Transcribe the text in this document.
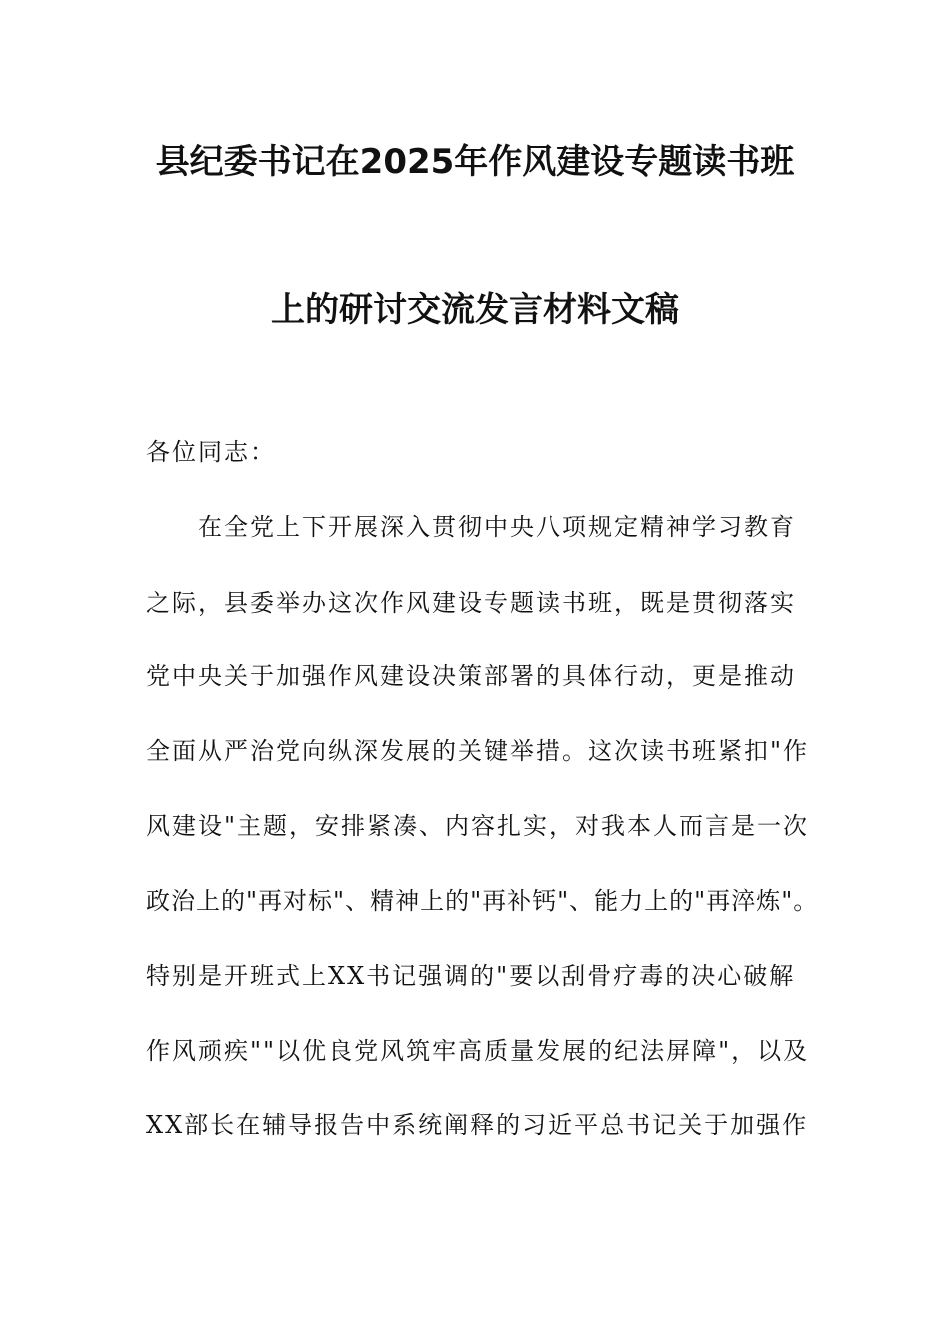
县纪委书记在2025年作风建设专题读书班
上的研讨交流发言材料文稿
各位同志：
在全党上下开展深入贯彻中央八项规定精神学习教育
之际，县委举办这次作风建设专题读书班，既是贯彻落实
党中央关于加强作风建设决策部署的具体行动，更是推动
全面从严治党向纵深发展的关键举措。这次读书班紧扣"作
风建设"主题，安排紧凑、内容扎实，对我本人而言是一次
政治上的"再对标"、精神上的"再补钙"、能力上的"再淬炼"。
特别是开班式上XX书记强调的"要以刮骨疗毒的决心破解
作风顽疾""以优良党风筑牢高质量发展的纪法屏障"，以及
XX部长在辅导报告中系统阐释的习近平总书记关于加强作
